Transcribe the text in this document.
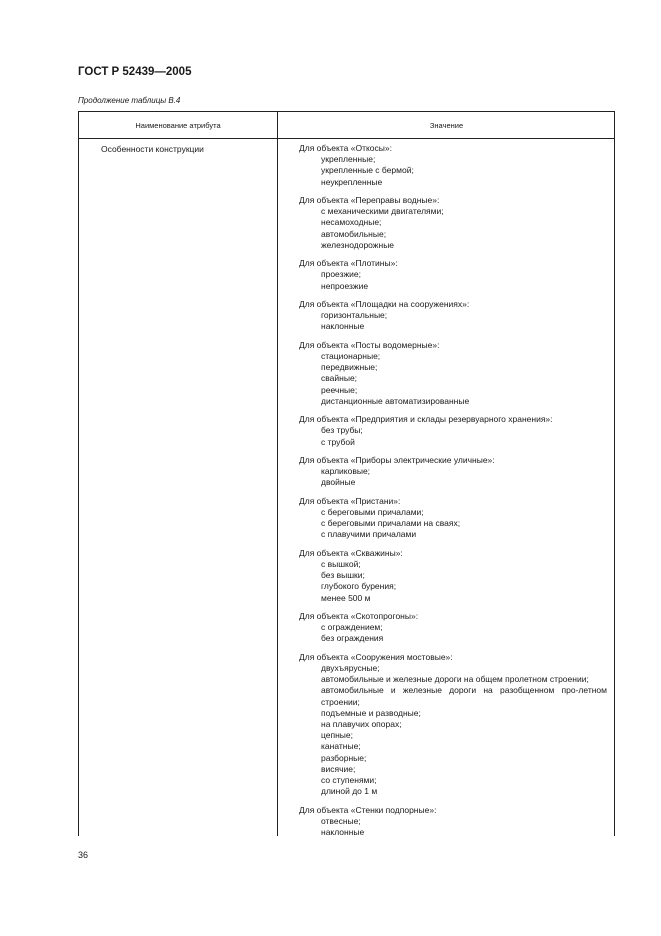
ГОСТ Р 52439—2005
Продолжение таблицы В.4
Наименование атрибута	Значение
Особенности конструкции	Для объекта «Откосы»:
укрепленные;
укрепленные с бермой;
неукрепленные
Для объекта «Переправы водные»:
с механическими двигателями;
несамоходные;
автомобильные;
железнодорожные
Для объекта «Плотины»:
проезжие;
непроезжие
Для объекта «Площадки на сооружениях»:
горизонтальные;
наклонные
Для объекта «Посты водомерные»:
стационарные;
передвижные;
свайные;
реечные;
дистанционные автоматизированные
Для объекта «Предприятия и склады резервуарного хранения»:
без трубы;
с трубой
Для объекта «Приборы электрические уличные»:
карликовые;
двойные
Для объекта «Пристани»:
с береговыми причалами;
с береговыми причалами на сваях;
с плавучими причалами
Для объекта «Скважины»:
с вышкой;
без вышки;
глубокого бурения;
менее 500 м
Для объекта «Скотопрогоны»:
с ограждением;
без ограждения
Для объекта «Сооружения мостовые»:
двухъярусные;
автомобильные и железные дороги на общем пролетном строении;
автомобильные и железные дороги на разобщенном про-летном строении;
подъемные и разводные;
на плавучих опорах;
цепные;
канатные;
разборные;
висячие;
со ступенями;
длиной до 1 м
Для объекта «Стенки подпорные»:
отвесные;
наклонные
36
